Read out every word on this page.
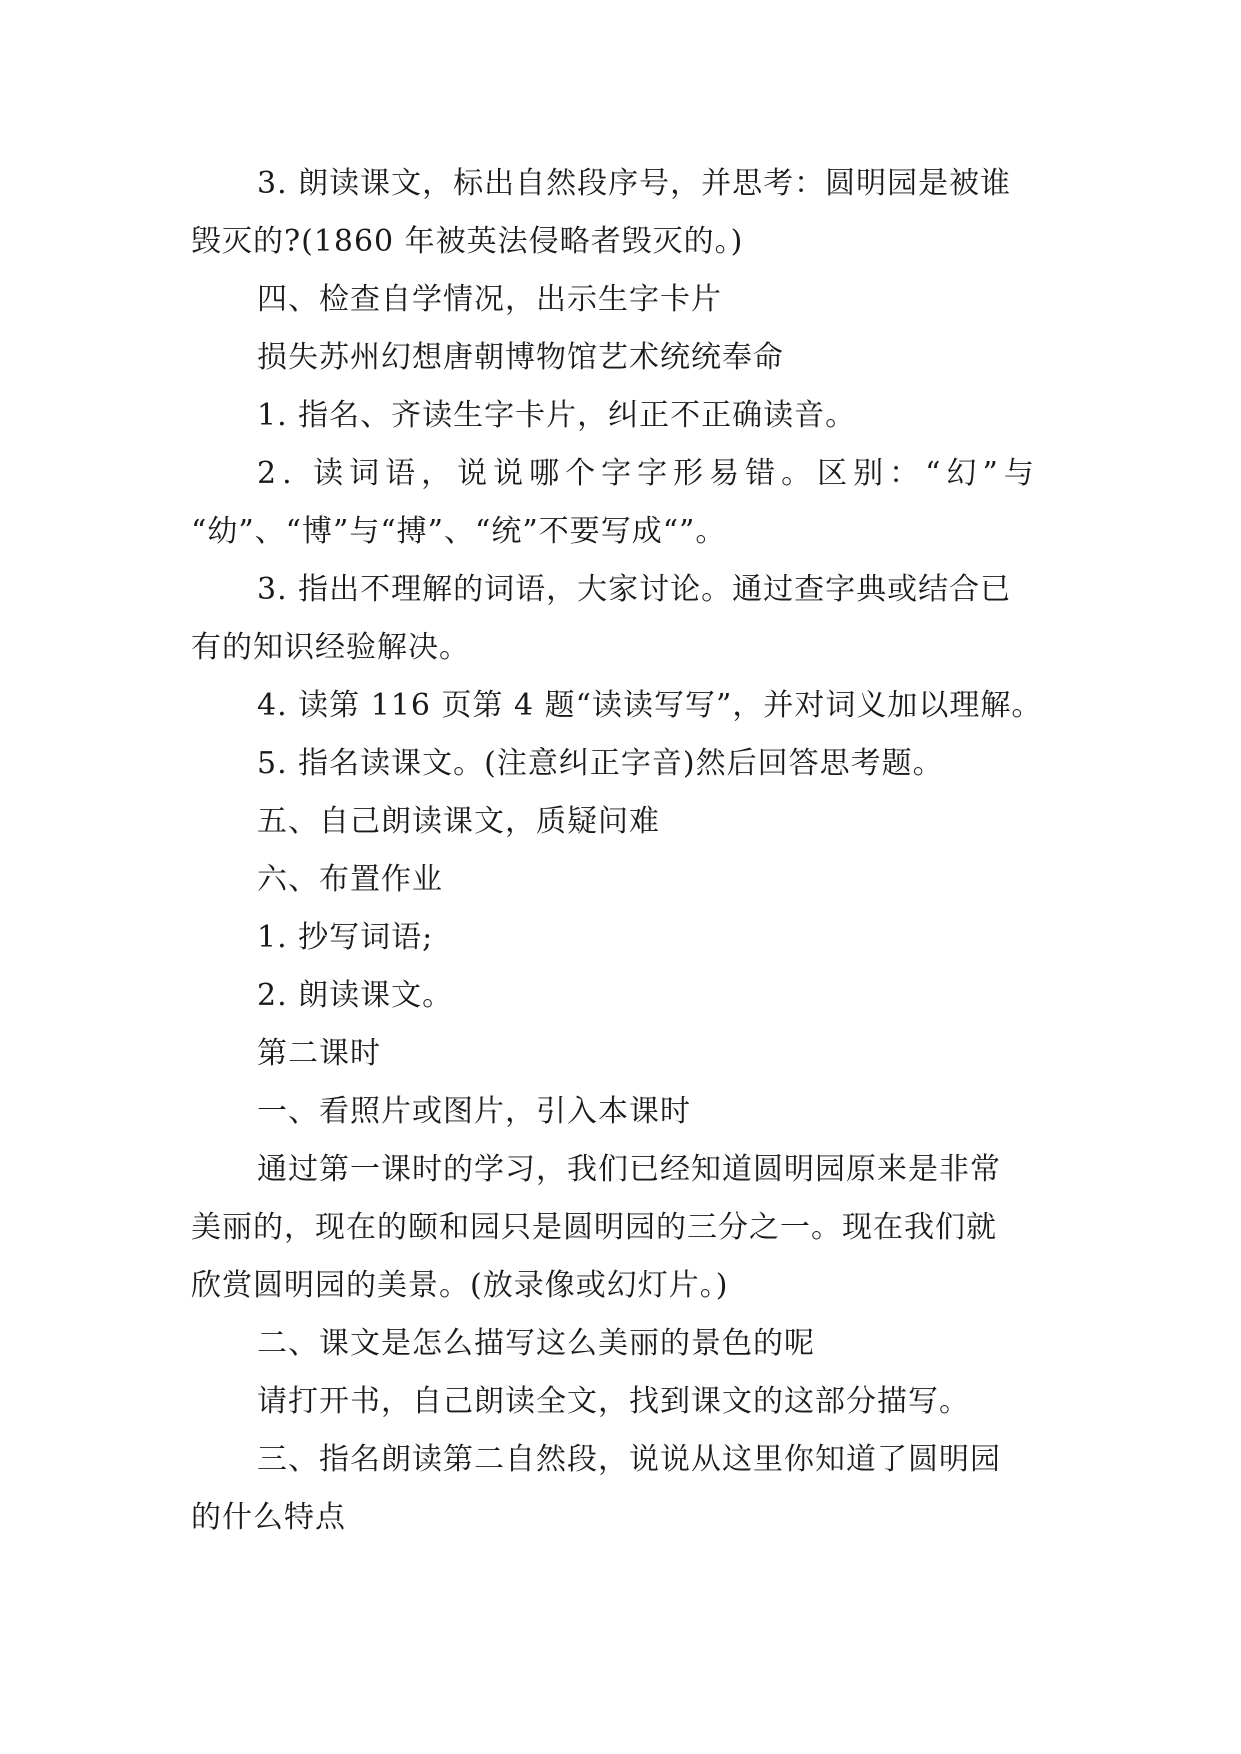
3. 朗读课文，标出自然段序号，并思考：圆明园是被谁
毁灭的?(1860 年被英法侵略者毁灭的。)
四、检查自学情况，出示生字卡片
损失苏州幻想唐朝博物馆艺术统统奉命
1. 指名、齐读生字卡片，纠正不正确读音。
2. 读词语，说说哪个字字形易错。区别：“幻”与
“幼”、“博”与“搏”、“统”不要写成“”。
3. 指出不理解的词语，大家讨论。通过查字典或结合已
有的知识经验解决。
4. 读第 116 页第 4 题“读读写写”，并对词义加以理解。
5. 指名读课文。(注意纠正字音)然后回答思考题。
五、自己朗读课文，质疑问难
六、布置作业
1. 抄写词语;
2. 朗读课文。
第二课时
一、看照片或图片，引入本课时
通过第一课时的学习，我们已经知道圆明园原来是非常
美丽的，现在的颐和园只是圆明园的三分之一。现在我们就
欣赏圆明园的美景。(放录像或幻灯片。)
二、课文是怎么描写这么美丽的景色的呢
请打开书，自己朗读全文，找到课文的这部分描写。
三、指名朗读第二自然段，说说从这里你知道了圆明园
的什么特点
